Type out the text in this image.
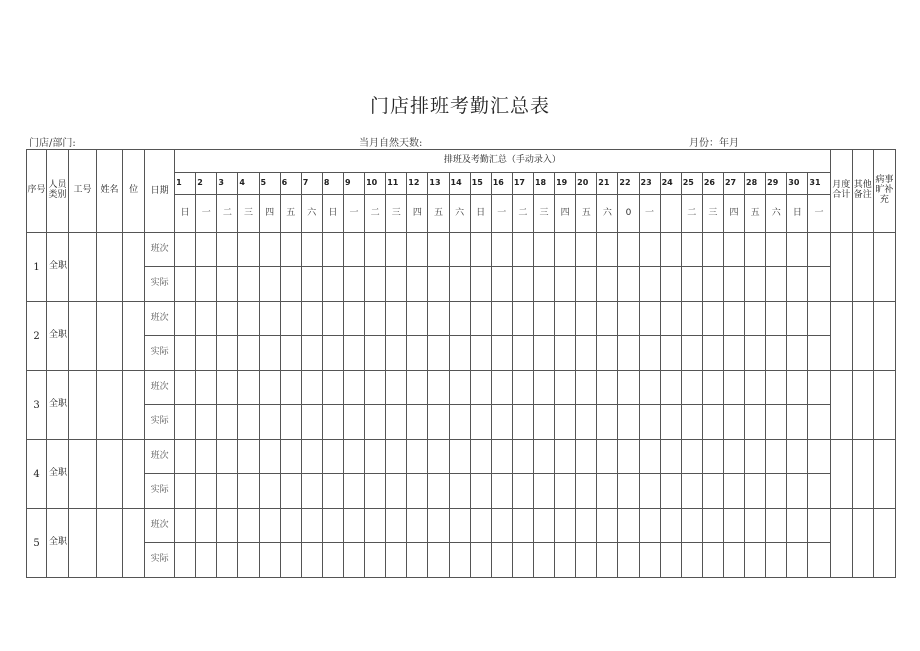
门店排班考勤汇总表
门店/部门:	当月自然天数:	月份：年月
序号	人员类别	工号	姓名	位	日期	排班及考勤汇总（手动录入）																															月度合计	其他备注	病事旷补充
						1	2	3	4	5	6	7	8	9	10	11	12	13	14	15	16	17	18	19	20	21	22	23	24	25	26	27	28	29	30	31			
						日	一	二	三	四	五	六	日	一	二	三	四	五	六	日	一	二	三	四	五	六	0	一		二	三	四	五	六	日	一			
1	全职				班次																																		
					实际																																		
2	全职				班次																																		
					实际																																		
3	全职				班次																																		
					实际																																		
4	全职				班次																																		
					实际																																		
5	全职				班次																																		
					实际																																		
